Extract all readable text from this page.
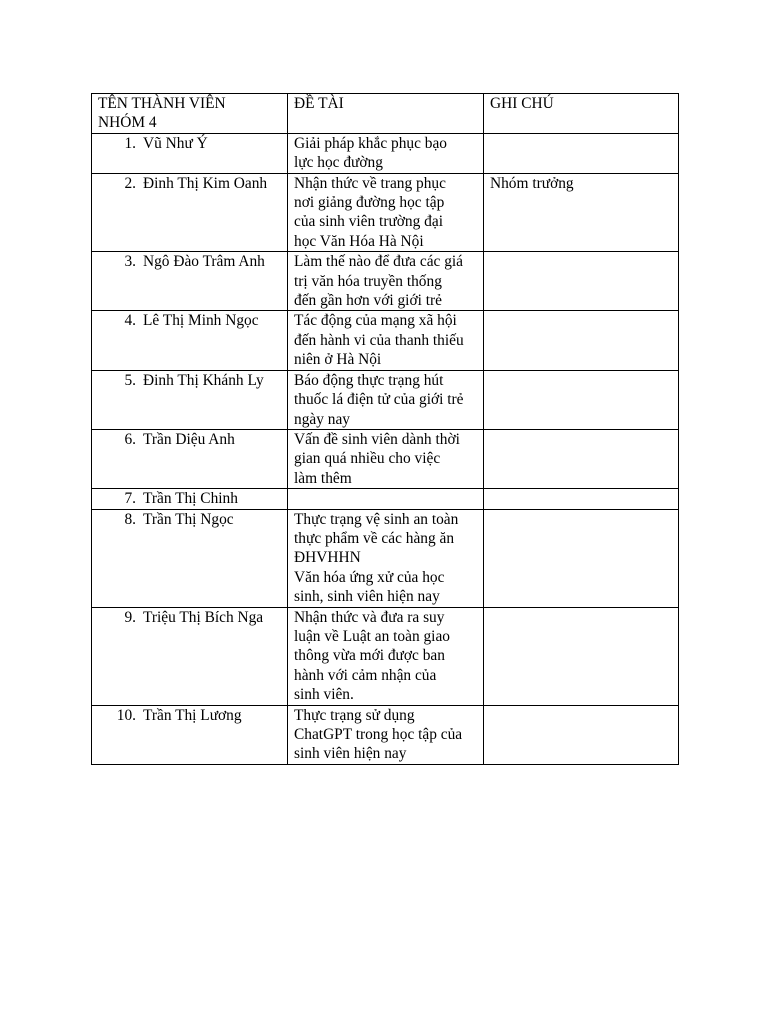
TÊN THÀNH VIÊN
NHÓM 4	ĐỀ TÀI	GHI CHÚ

1. Vũ Như Ý	Giải pháp khắc phục bạo
lực học đường	

2. Đinh Thị Kim Oanh	Nhận thức về trang phục
nơi giảng đường học tập
của sinh viên trường đại
học Văn Hóa Hà Nội	Nhóm trưởng

3. Ngô Đào Trâm Anh	Làm thế nào để đưa các giá
trị văn hóa truyền thống
đến gần hơn với giới trẻ	

4. Lê Thị Minh Ngọc	Tác động của mạng xã hội
đến hành vi của thanh thiếu
niên ở Hà Nội	

5. Đinh Thị Khánh Ly	Báo động thực trạng hút
thuốc lá điện tử của giới trẻ
ngày nay	

6. Trần Diệu Anh	Vấn đề sinh viên dành thời
gian quá nhiều cho việc
làm thêm	

7. Trần Thị Chinh	

8. Trần Thị Ngọc	Thực trạng vệ sinh an toàn
thực phẩm về các hàng ăn
ĐHVHHN
Văn hóa ứng xử của học
sinh, sinh viên hiện nay	

9. Triệu Thị Bích Nga	Nhận thức và đưa ra suy
luận về Luật an toàn giao
thông vừa mới được ban
hành với cảm nhận của
sinh viên.	

10. Trần Thị Lương	Thực trạng sử dụng
ChatGPT trong học tập của
sinh viên hiện nay	
